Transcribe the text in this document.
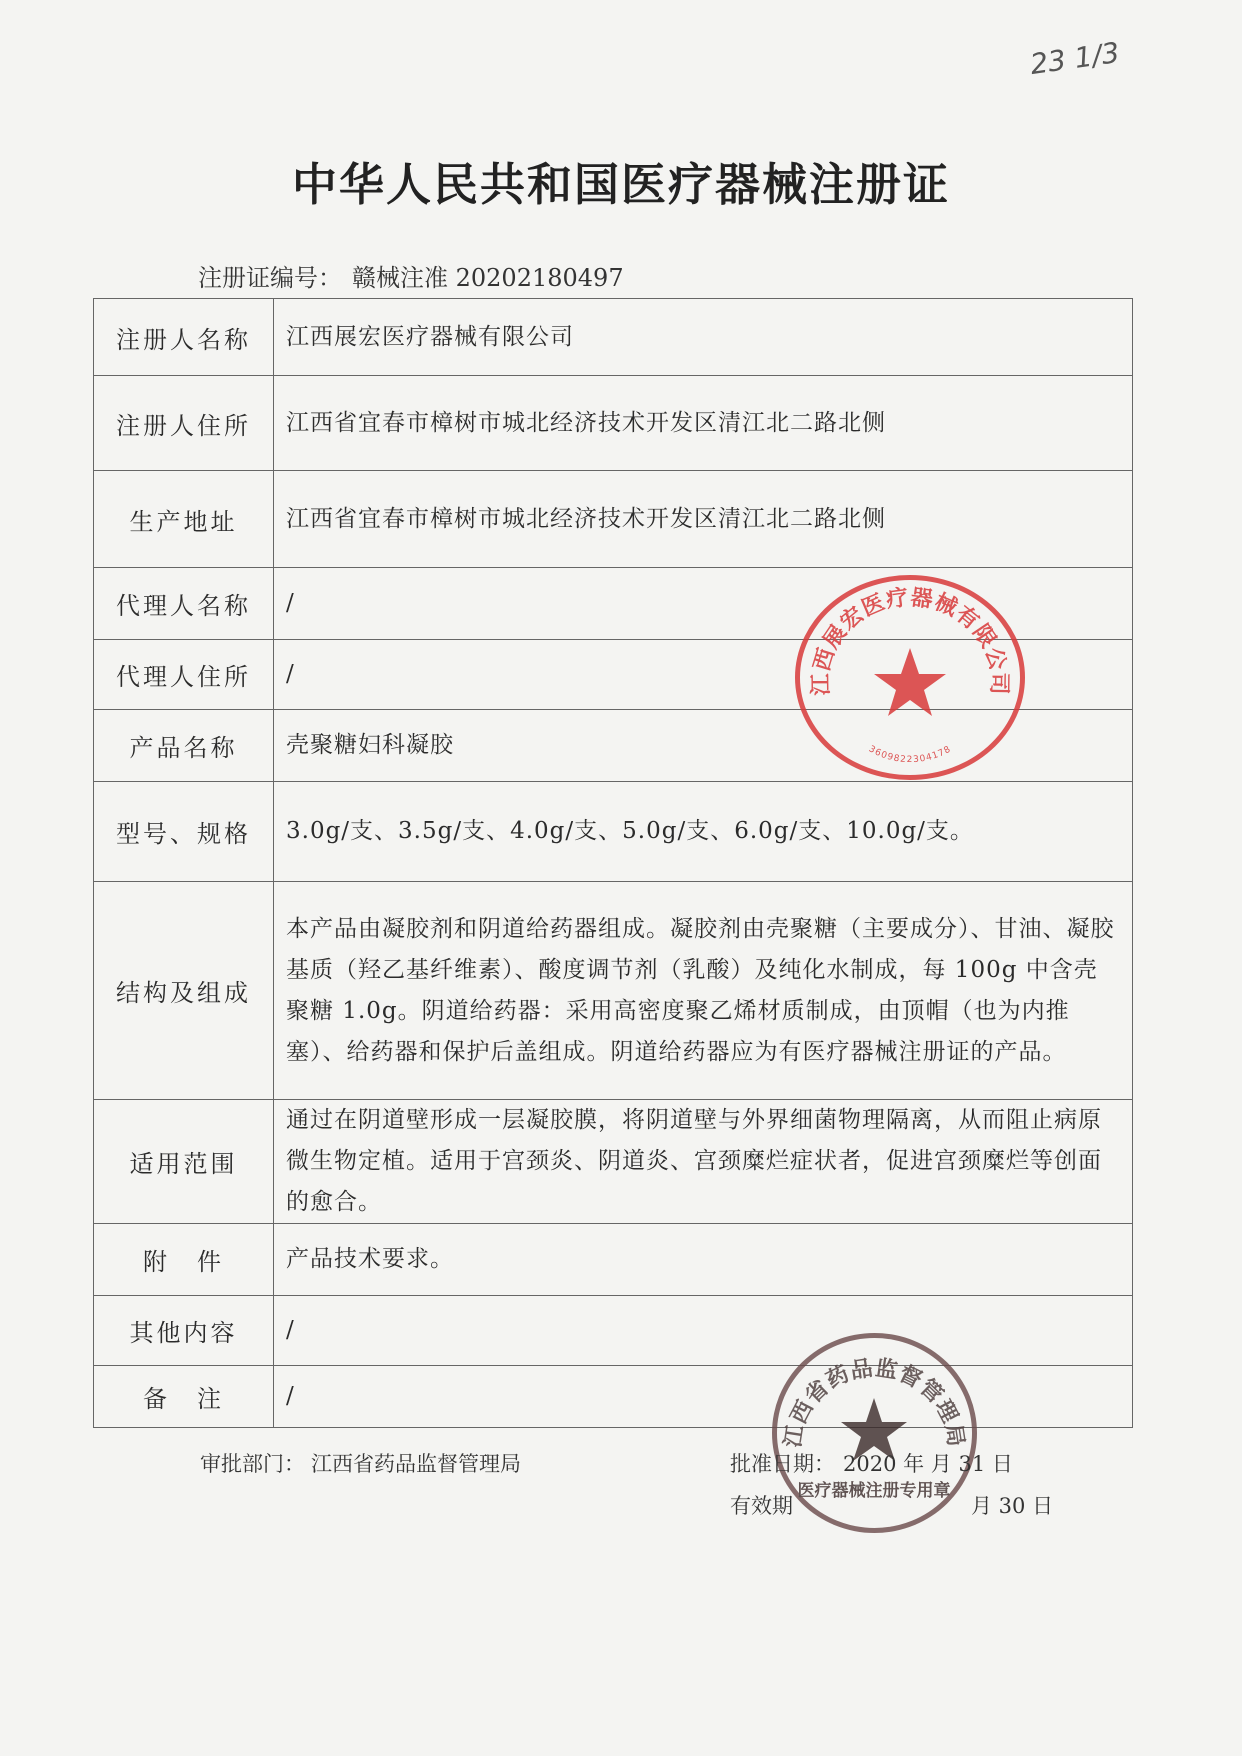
23 1/3
中华人民共和国医疗器械注册证
注册证编号： 赣械注准 20202180497
注册人名称	江西展宏医疗器械有限公司
注册人住所	江西省宜春市樟树市城北经济技术开发区清江北二路北侧
生产地址	江西省宜春市樟树市城北经济技术开发区清江北二路北侧
代理人名称	/
代理人住所	/
产品名称	壳聚糖妇科凝胶
型号、规格	3.0g/支、3.5g/支、4.0g/支、5.0g/支、6.0g/支、10.0g/支。
结构及组成	本产品由凝胶剂和阴道给药器组成。凝胶剂由壳聚糖（主要成分）、甘油、凝胶基质（羟乙基纤维素）、酸度调节剂（乳酸）及纯化水制成，每 100g 中含壳聚糖 1.0g。阴道给药器：采用高密度聚乙烯材质制成，由顶帽（也为内推塞）、给药器和保护后盖组成。阴道给药器应为有医疗器械注册证的产品。
适用范围	通过在阴道壁形成一层凝胶膜，将阴道壁与外界细菌物理隔离，从而阻止病原微生物定植。适用于宫颈炎、阴道炎、宫颈糜烂症状者，促进宫颈糜烂等创面的愈合。
附　件	产品技术要求。
其他内容	/
备　注	/
江西展宏医疗器械有限公司
3609822304178
江西省药品监督管理局
医疗器械注册专用章
审批部门： 江西省药品监督管理局	批准日期： 2020 年 月 31 日
有效期	月 30 日
